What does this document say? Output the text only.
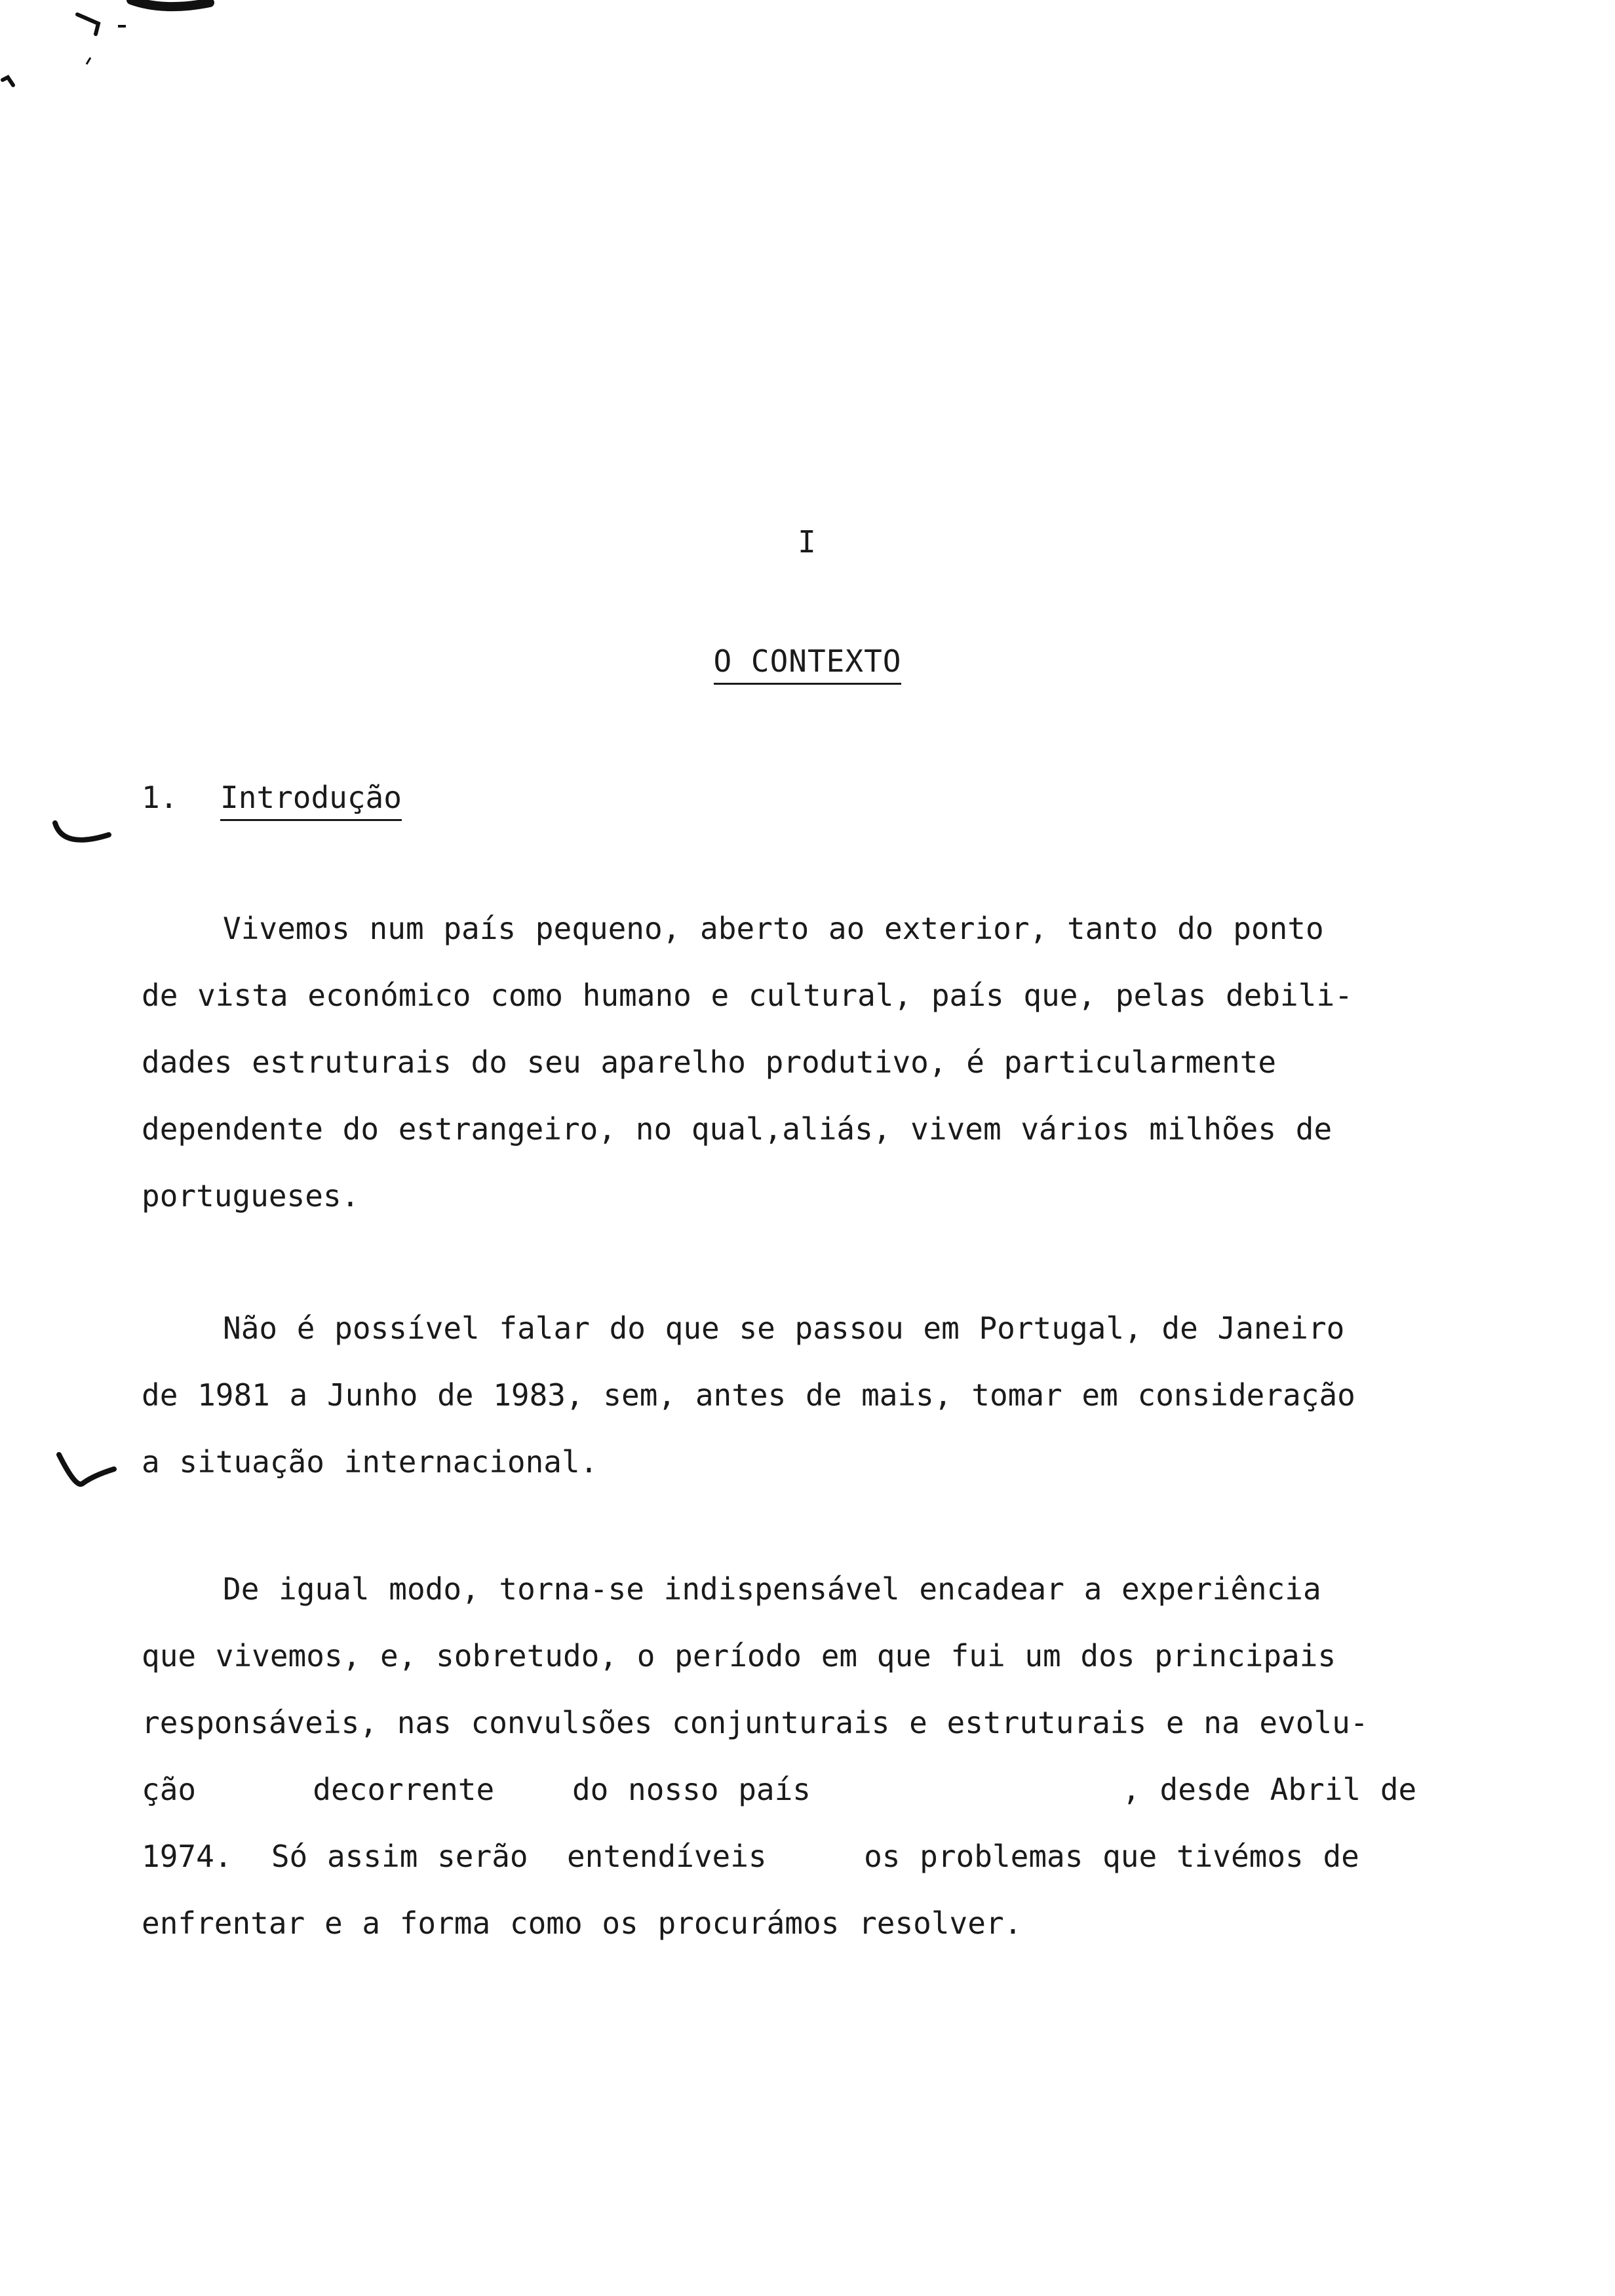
I
O CONTEXTO
1. Introdução
Vivemos num país pequeno, aberto ao exterior, tanto do ponto
de vista económico como humano e cultural, país que, pelas debili-
dades estruturais do seu aparelho produtivo, é particularmente
dependente do estrangeiro, no qual,aliás, vivem vários milhões de
portugueses.
Não é possível falar do que se passou em Portugal, de Janeiro
de 1981 a Junho de 1983, sem, antes de mais, tomar em consideração
a situação internacional.
De igual modo, torna-se indispensável encadear a experiência
que vivemos, e, sobretudo, o período em que fui um dos principais
responsáveis, nas convulsões conjunturais e estruturais e na evolu-
ção      decorrente    do nosso país                , desde Abril de
1974.  Só assim serão  entendíveis     os problemas que tivémos de
enfrentar e a forma como os procurámos resolver.
